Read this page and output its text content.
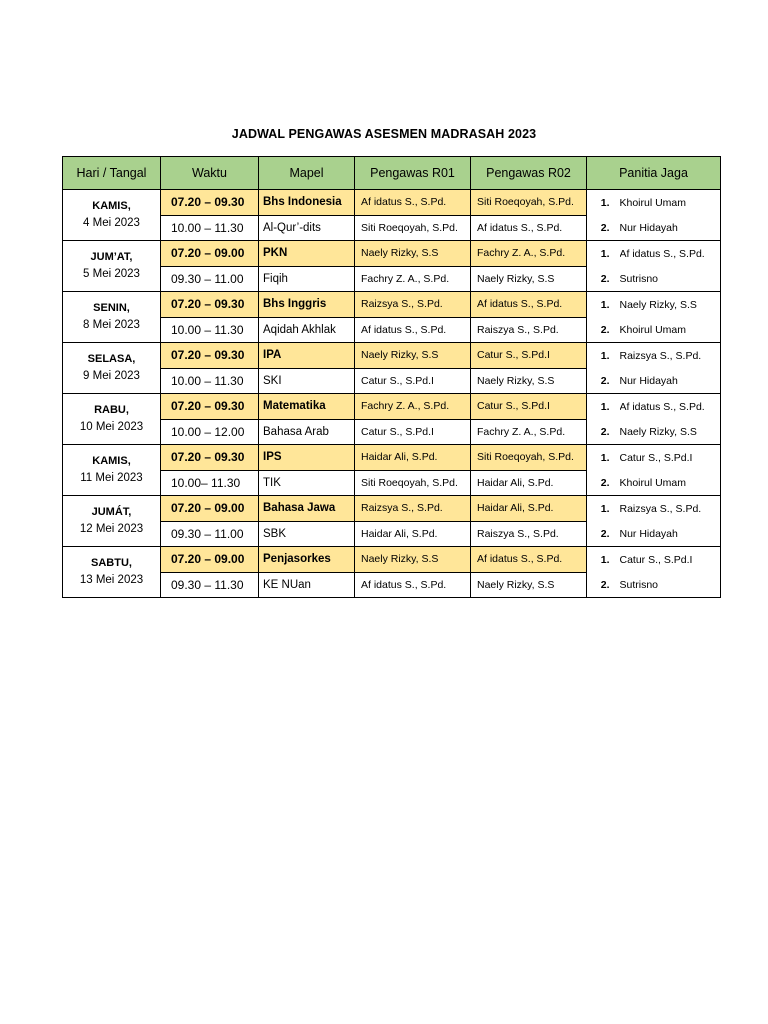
JADWAL PENGAWAS ASESMEN MADRASAH 2023
Hari / Tangal	Waktu	Mapel	Pengawas R01	Pengawas R02	Panitia Jaga	

KAMIS,
4 Mei 2023	07.20 – 09.30	Bhs Indonesia	Af idatus S., S.Pd.	Siti Roeqoyah, S.Pd.	1.	Khoirul Umam
	10.00 – 11.30	Al-Qur’-dits	Siti Roeqoyah, S.Pd.	Af idatus S., S.Pd.	2.	Nur Hidayah

JUM’AT,
5 Mei 2023	07.20 – 09.00	PKN	Naely Rizky, S.S	Fachry Z. A., S.Pd.	1.	Af idatus S., S.Pd.
	09.30 – 11.00	Fiqih	Fachry Z. A., S.Pd.	Naely Rizky, S.S	2.	Sutrisno

SENIN,
8 Mei 2023	07.20 – 09.30	Bhs Inggris	Raizsya S., S.Pd.	Af idatus S., S.Pd.	1.	Naely Rizky, S.S
	10.00 – 11.30	Aqidah Akhlak	Af idatus S., S.Pd.	Raiszya S., S.Pd.	2.	Khoirul Umam

SELASA,
9 Mei 2023	07.20 – 09.30	IPA	Naely Rizky, S.S	Catur S., S.Pd.I	1.	Raizsya S., S.Pd.
	10.00 – 11.30	SKI	Catur S., S.Pd.I	Naely Rizky, S.S	2.	Nur Hidayah

RABU,
10 Mei 2023	07.20 – 09.30	Matematika	Fachry Z. A., S.Pd.	Catur S., S.Pd.I	1.	Af idatus S., S.Pd.
	10.00 – 12.00	Bahasa Arab	Catur S., S.Pd.I	Fachry Z. A., S.Pd.	2.	Naely Rizky, S.S

KAMIS,
11 Mei 2023	07.20 – 09.30	IPS	Haidar Ali, S.Pd.	Siti Roeqoyah, S.Pd.	1.	Catur S., S.Pd.I
	10.00– 11.30	TIK	Siti Roeqoyah, S.Pd.	Haidar Ali, S.Pd.	2.	Khoirul Umam

JUMÁT,
12 Mei 2023	07.20 – 09.00	Bahasa Jawa	Raizsya S., S.Pd.	Haidar Ali, S.Pd.	1.	Raizsya S., S.Pd.
	09.30 – 11.00	SBK	Haidar Ali, S.Pd.	Raiszya S., S.Pd.	2.	Nur Hidayah

SABTU,
13 Mei 2023	07.20 – 09.00	Penjasorkes	Naely Rizky, S.S	Af idatus S., S.Pd.	1.	Catur S., S.Pd.I
	09.30 – 11.30	KE NUan	Af idatus S., S.Pd.	Naely Rizky, S.S	2.	Sutrisno
